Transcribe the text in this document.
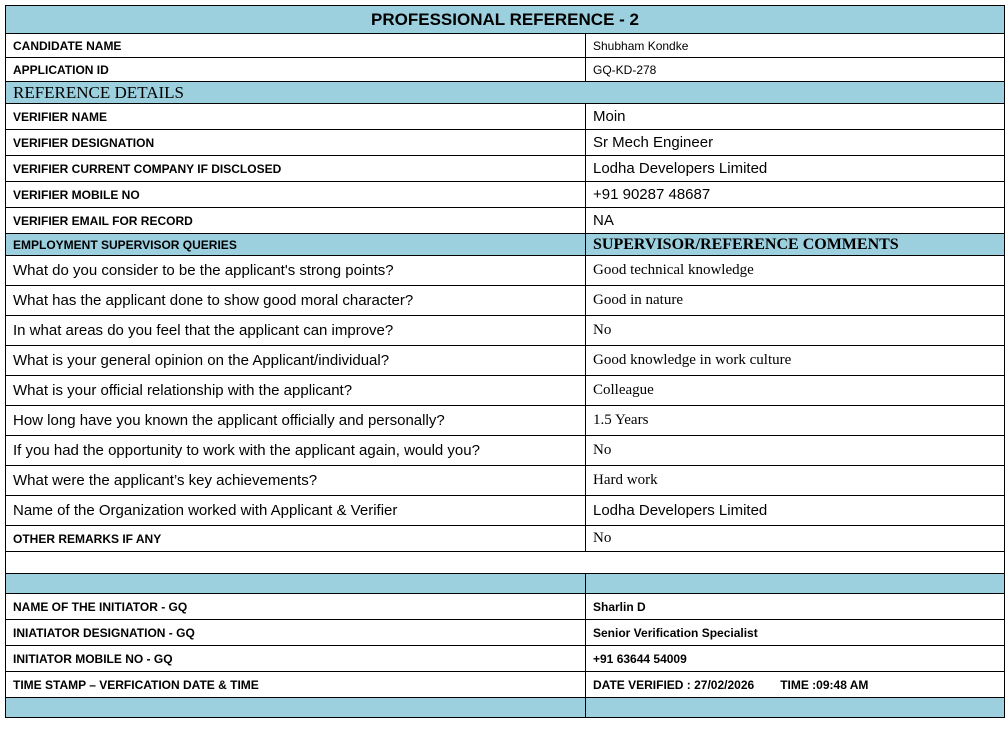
PROFESSIONAL REFERENCE - 2	
CANDIDATE NAME	Shubham Kondke
APPLICATION ID	GQ-KD-278
REFERENCE DETAILS	
VERIFIER NAME	Moin
VERIFIER DESIGNATION	Sr Mech Engineer
VERIFIER CURRENT COMPANY IF DISCLOSED	Lodha Developers Limited
VERIFIER MOBILE NO	+91 90287 48687
VERIFIER EMAIL FOR RECORD	NA
EMPLOYMENT SUPERVISOR QUERIES	SUPERVISOR/REFERENCE COMMENTS
What do you consider to be the applicant's strong points?	Good technical knowledge
What has the applicant done to show good moral character?	Good in nature
In what areas do you feel that the applicant can improve?	No
What is your general opinion on the Applicant/individual?	Good knowledge in work culture
What is your official relationship with the applicant?	Colleague
How long have you known the applicant officially and personally?	1.5 Years
If you had the opportunity to work with the applicant again, would you?	No
What were the applicant’s key achievements?	Hard work
Name of the Organization worked with Applicant & Verifier	Lodha Developers Limited
OTHER REMARKS IF ANY	No

NAME OF THE INITIATOR - GQ	Sharlin D
INIATIATOR DESIGNATION - GQ	Senior Verification Specialist
INITIATOR MOBILE NO - GQ	+91 63644 54009
TIME STAMP – VERFICATION DATE & TIME	DATE VERIFIED : 27/02/2026 TIME :09:48 AM
